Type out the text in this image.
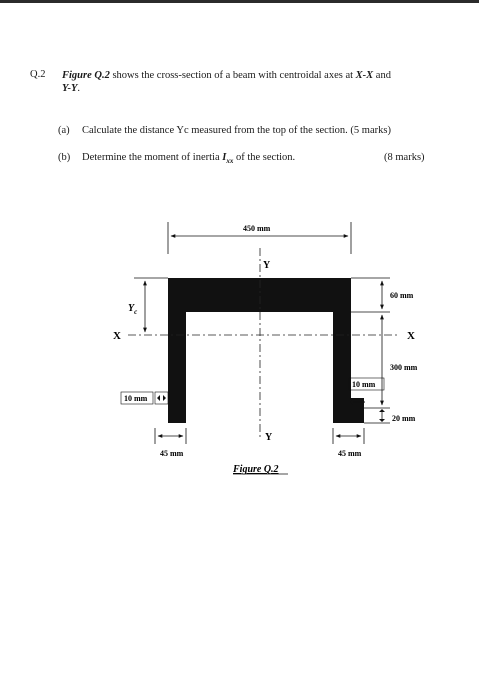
Q.2 Figure Q.2 shows the cross-section of a beam with centroidal axes at X-X and
Y-Y.
(a) Calculate the distance Yc measured from the top of the section. (5 marks)
(b) Determine the moment of inertia $I_{xx}$ of the section.	(8 marks)
450 mm
$Y_c$
60 mm
300 mm
20 mm
10 mm
10 mm
45 mm	45 mm
X	X
Y
Y
Figure Q.2
